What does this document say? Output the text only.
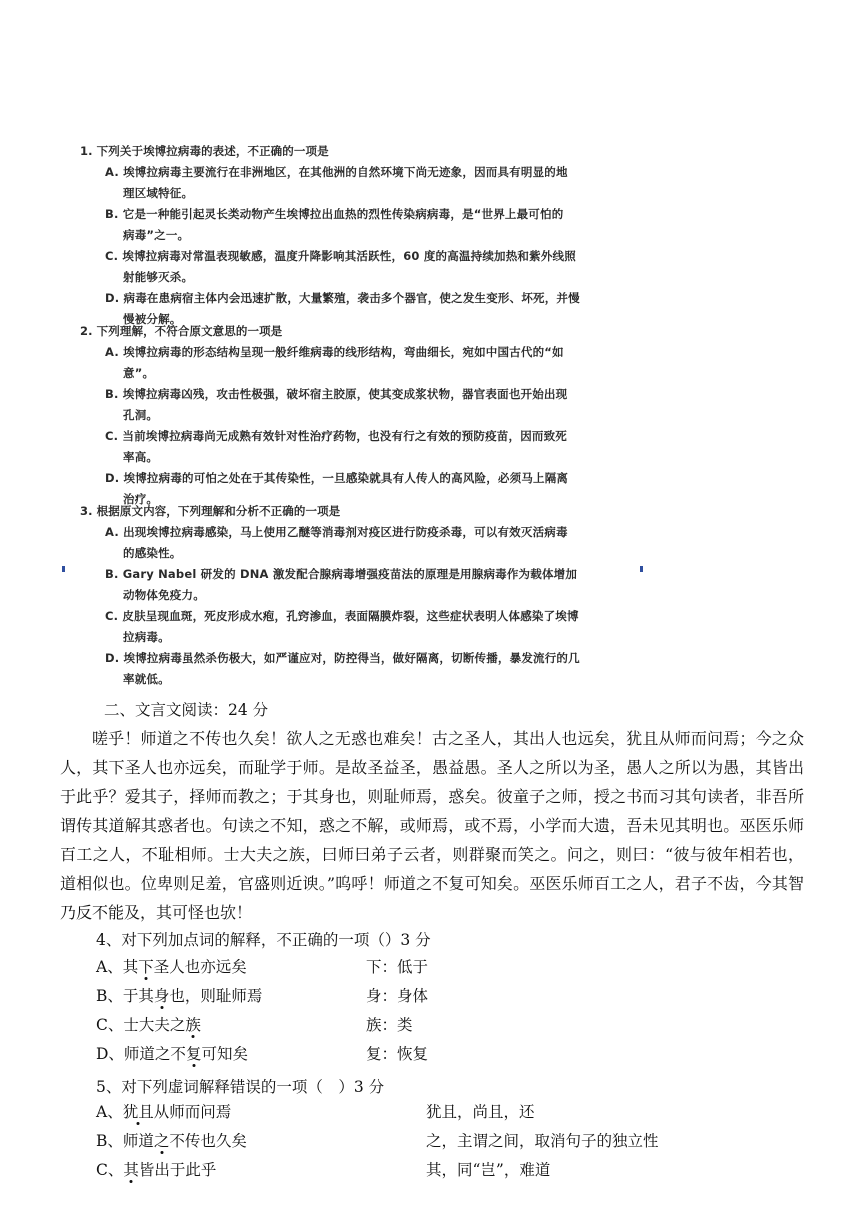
1. 下列关于埃博拉病毒的表述，不正确的一项是
A. 埃博拉病毒主要流行在非洲地区，在其他洲的自然环境下尚无迹象，因而具有明显的地
理区域特征。
B. 它是一种能引起灵长类动物产生埃博拉出血热的烈性传染病病毒，是“世界上最可怕的
病毒”之一。
C. 埃博拉病毒对常温表现敏感，温度升降影响其活跃性，60 度的高温持续加热和紫外线照
射能够灭杀。
D. 病毒在患病宿主体内会迅速扩散，大量繁殖，袭击多个器官，使之发生变形、坏死，并慢
慢被分解。
2. 下列理解，不符合原文意思的一项是
A. 埃博拉病毒的形态结构呈现一般纤维病毒的线形结构，弯曲细长，宛如中国古代的“如
意”。
B. 埃博拉病毒凶残，攻击性极强，破坏宿主胶原，使其变成浆状物，器官表面也开始出现
孔洞。
C. 当前埃博拉病毒尚无成熟有效针对性治疗药物，也没有行之有效的预防疫苗，因而致死
率高。
D. 埃博拉病毒的可怕之处在于其传染性，一旦感染就具有人传人的高风险，必须马上隔离
治疗。
3. 根据原文内容，下列理解和分析不正确的一项是
A. 出现埃博拉病毒感染，马上使用乙醚等消毒剂对疫区进行防疫杀毒，可以有效灭活病毒
的感染性。
B. Gary Nabel 研发的 DNA 激发配合腺病毒增强疫苗法的原理是用腺病毒作为载体增加
动物体免疫力。
C. 皮肤呈现血斑，死皮形成水疱，孔窍渗血，表面隔膜炸裂，这些症状表明人体感染了埃博
拉病毒。
D. 埃博拉病毒虽然杀伤极大，如严谨应对，防控得当，做好隔离，切断传播，暴发流行的几
率就低。
二、文言文阅读：24 分
嗟乎！师道之不传也久矣！欲人之无惑也难矣！古之圣人，其出人也远矣，犹且从师而问焉；今之众人，其下圣人也亦远矣，而耻学于师。是故圣益圣，愚益愚。圣人之所以为圣，愚人之所以为愚，其皆出于此乎？爱其子，择师而教之；于其身也，则耻师焉，惑矣。彼童子之师，授之书而习其句读者，非吾所谓传其道解其惑者也。句读之不知，惑之不解，或师焉，或不焉，小学而大遗，吾未见其明也。巫医乐师百工之人，不耻相师。士大夫之族，曰师曰弟子云者，则群聚而笑之。问之，则曰：“彼与彼年相若也，道相似也。位卑则足羞，官盛则近谀。”呜呼！师道之不复可知矣。巫医乐师百工之人，君子不齿，今其智乃反不能及，其可怪也欤！
4、对下列加点词的解释，不正确的一项（）3 分
A、其下圣人也亦远矣	下：低于
B、于其身也，则耻师焉	身：身体
C、士大夫之族	族：类
D、师道之不复可知矣	复：恢复
5、对下列虚词解释错误的一项（　）3 分
A、犹且从师而问焉	犹且，尚且，还
B、师道之不传也久矣	之，主谓之间，取消句子的独立性
C、其皆出于此乎	其，同“岂”，难道
